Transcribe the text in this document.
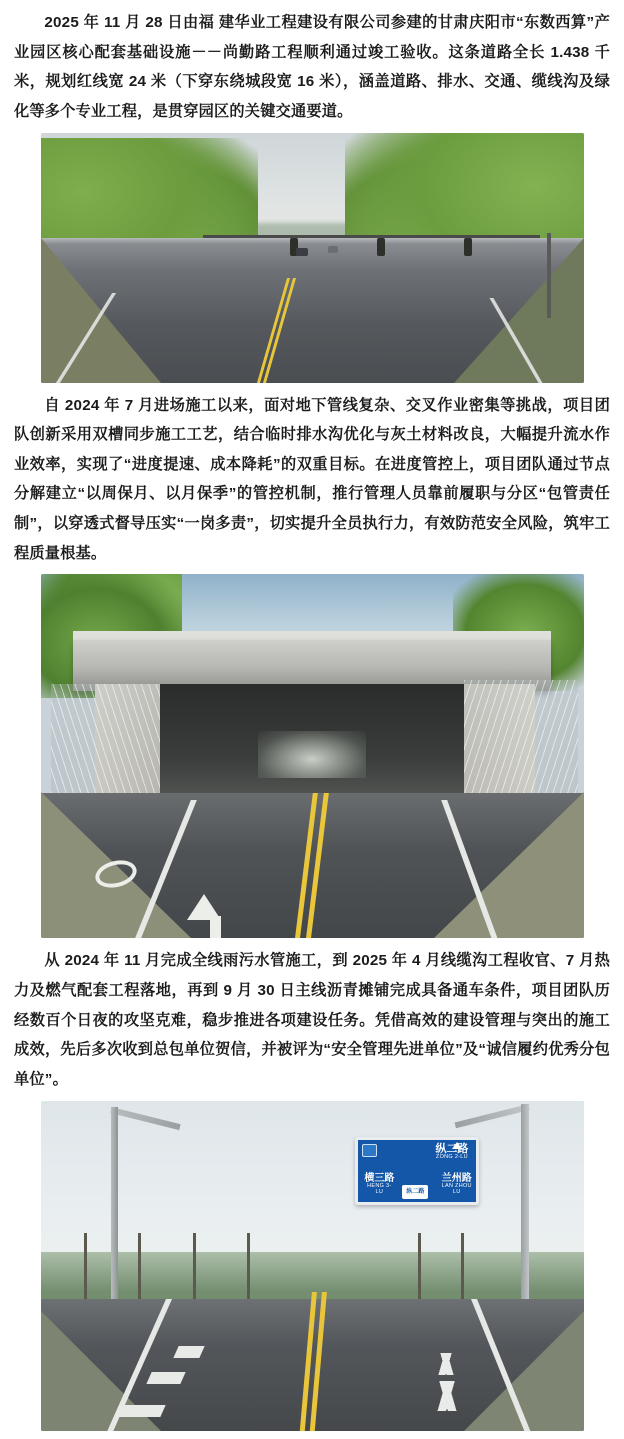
2025 年 11 月 28 日由福 建华业工程建设有限公司参建的甘肃庆阳市“东数西算”产业园区核心配套基础设施－－尚勤路工程顺利通过竣工验收。这条道路全长 1.438 千米，规划红线宽 24 米（下穿东绕城段宽 16 米），涵盖道路、排水、交通、缆线沟及绿化等多个专业工程，是贯穿园区的关键交通要道。

自 2024 年 7 月进场施工以来，面对地下管线复杂、交叉作业密集等挑战，项目团队创新采用双槽同步施工工艺，结合临时排水沟优化与灰土材料改良，大幅提升流水作业效率，实现了“进度提速、成本降耗”的双重目标。在进度管控上，项目团队通过节点分解建立“以周保月、以月保季”的管控机制，推行管理人员靠前履职与分区“包管责任制”，以穿透式督导压实“一岗多责”，切实提升全员执行力，有效防范安全风险，筑牢工程质量根基。

从 2024 年 11 月完成全线雨污水管施工，到 2025 年 4 月线缆沟工程收官、7 月热力及燃气配套工程落地，再到 9 月 30 日主线沥青摊铺完成具备通车条件，项目团队历经数百个日夜的攻坚克难，稳步推进各项建设任务。凭借高效的建设管理与突出的施工成效，先后多次收到总包单位贺信，并被评为“安全管理先进单位”及“诚信履约优秀分包单位”。

纵二路
ZONG 2-LU
横三路
HENG 3-LU
兰州路
LAN ZHOU LU
纵二路
